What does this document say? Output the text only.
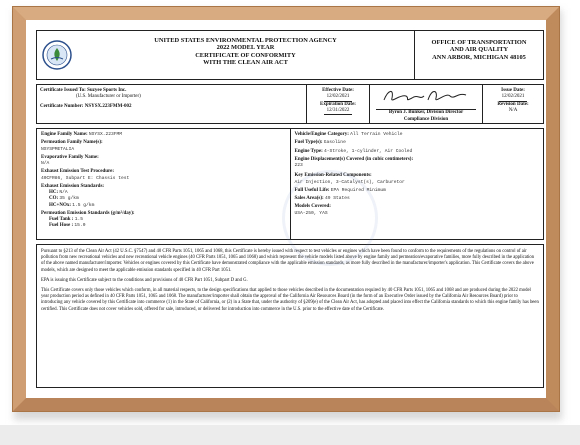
UNITED STATES ENVIRONMENTAL PROTECTION AGENCY
2022 MODEL YEAR
CERTIFICATE OF CONFORMITY
WITH THE CLEAN AIR ACT
OFFICE OF TRANSPORTATION
AND AIR QUALITY
ANN ARBOR, MICHIGAN 48105
Certificate Issued To: Suzyee Sports Inc.
(U.S. Manufacturer or Importer)
Certificate Number: NSYSX.223FMM-002
Effective Date:
12/02/2021
Expiration Date:
12/31/2022	Byron J. Bunker, Division Director
Compliance Division
Issue Date:
12/02/2021
Revision Date:
N/A
Engine Family Name: NSYSX.223FMM
Permeation Family Name(s):
NSYSPMETALIA
Evaporative Family Name:
N/A
Exhaust Emission Test Procedure:
40CFR86, Subpart E: Chassis test
Exhaust Emission Standards:
HC: N/A
CO: 35 g/km
HC+NOx: 1.5 g/km
Permeation Emission Standards (g/m²/day):
Fuel Tank : 1.5
Fuel Hose : 15.0
Vehicle/Engine Category: All Terrain Vehicle
Fuel Type(s): Gasoline
Engine Type: 4-Stroke, 1-cylinder, Air Cooled
Engine Displacement(s) Covered (in cubic centimeters):
223
Key Emission-Related Components:
Air Injection, 3-Catalyst(s), Carburetor
Full Useful Life: EPA Required Minimum
Sales Area(s): 49 States
Models Covered:
USA-250, YAS

Pursuant to §213 of the Clean Air Act (42 U.S.C. §7547) and 40 CFR Parts 1051, 1065 and 1068, this Certificate is hereby issued with respect to test vehicles or engines which have been found to conform to the requirements of the regulations on control of air pollution from new recreational vehicles and new recreational vehicle engines (40 CFR Parts 1051, 1065 and 1068) and which represent the vehicle models listed above by engine family and permeation/evaporative families, more fully described in the application of the above named manufacturer/importer. Vehicles or engines covered by this Certificate have demonstrated compliance with the applicable emission standards, as more fully described in the manufacturer/importer's application. This Certificate covers the above models, which are designed to meet the applicable emission standards specified in 40 CFR Part 1051.

EPA is issuing this Certificate subject to the conditions and provisions of 40 CFR Part 1051, Subpart D and G.

This Certificate covers only those vehicles which conform, in all material respects, to the design specifications that applied to those vehicles described in the documentation required by 40 CFR Parts 1051, 1065 and 1068 and are produced during the 2022 model year production period as defined in 40 CFR Parts 1051, 1065 and 1068. The manufacturer/importer shall obtain the approval of the California Air Resources Board (in the form of an Executive Order issued by the California Air Resources Board) prior to introducing any vehicle covered by this Certificate into commerce (1) in the State of California, or (2) in a State that, under the authority of §209(e) of the Clean Air Act, has adopted and placed into effect the California standards to which this engine family has been certified. This Certificate does not cover vehicles sold, offered for sale, introduced, or delivered for introduction into commerce in the U.S. prior to the effective date of the Certificate.
